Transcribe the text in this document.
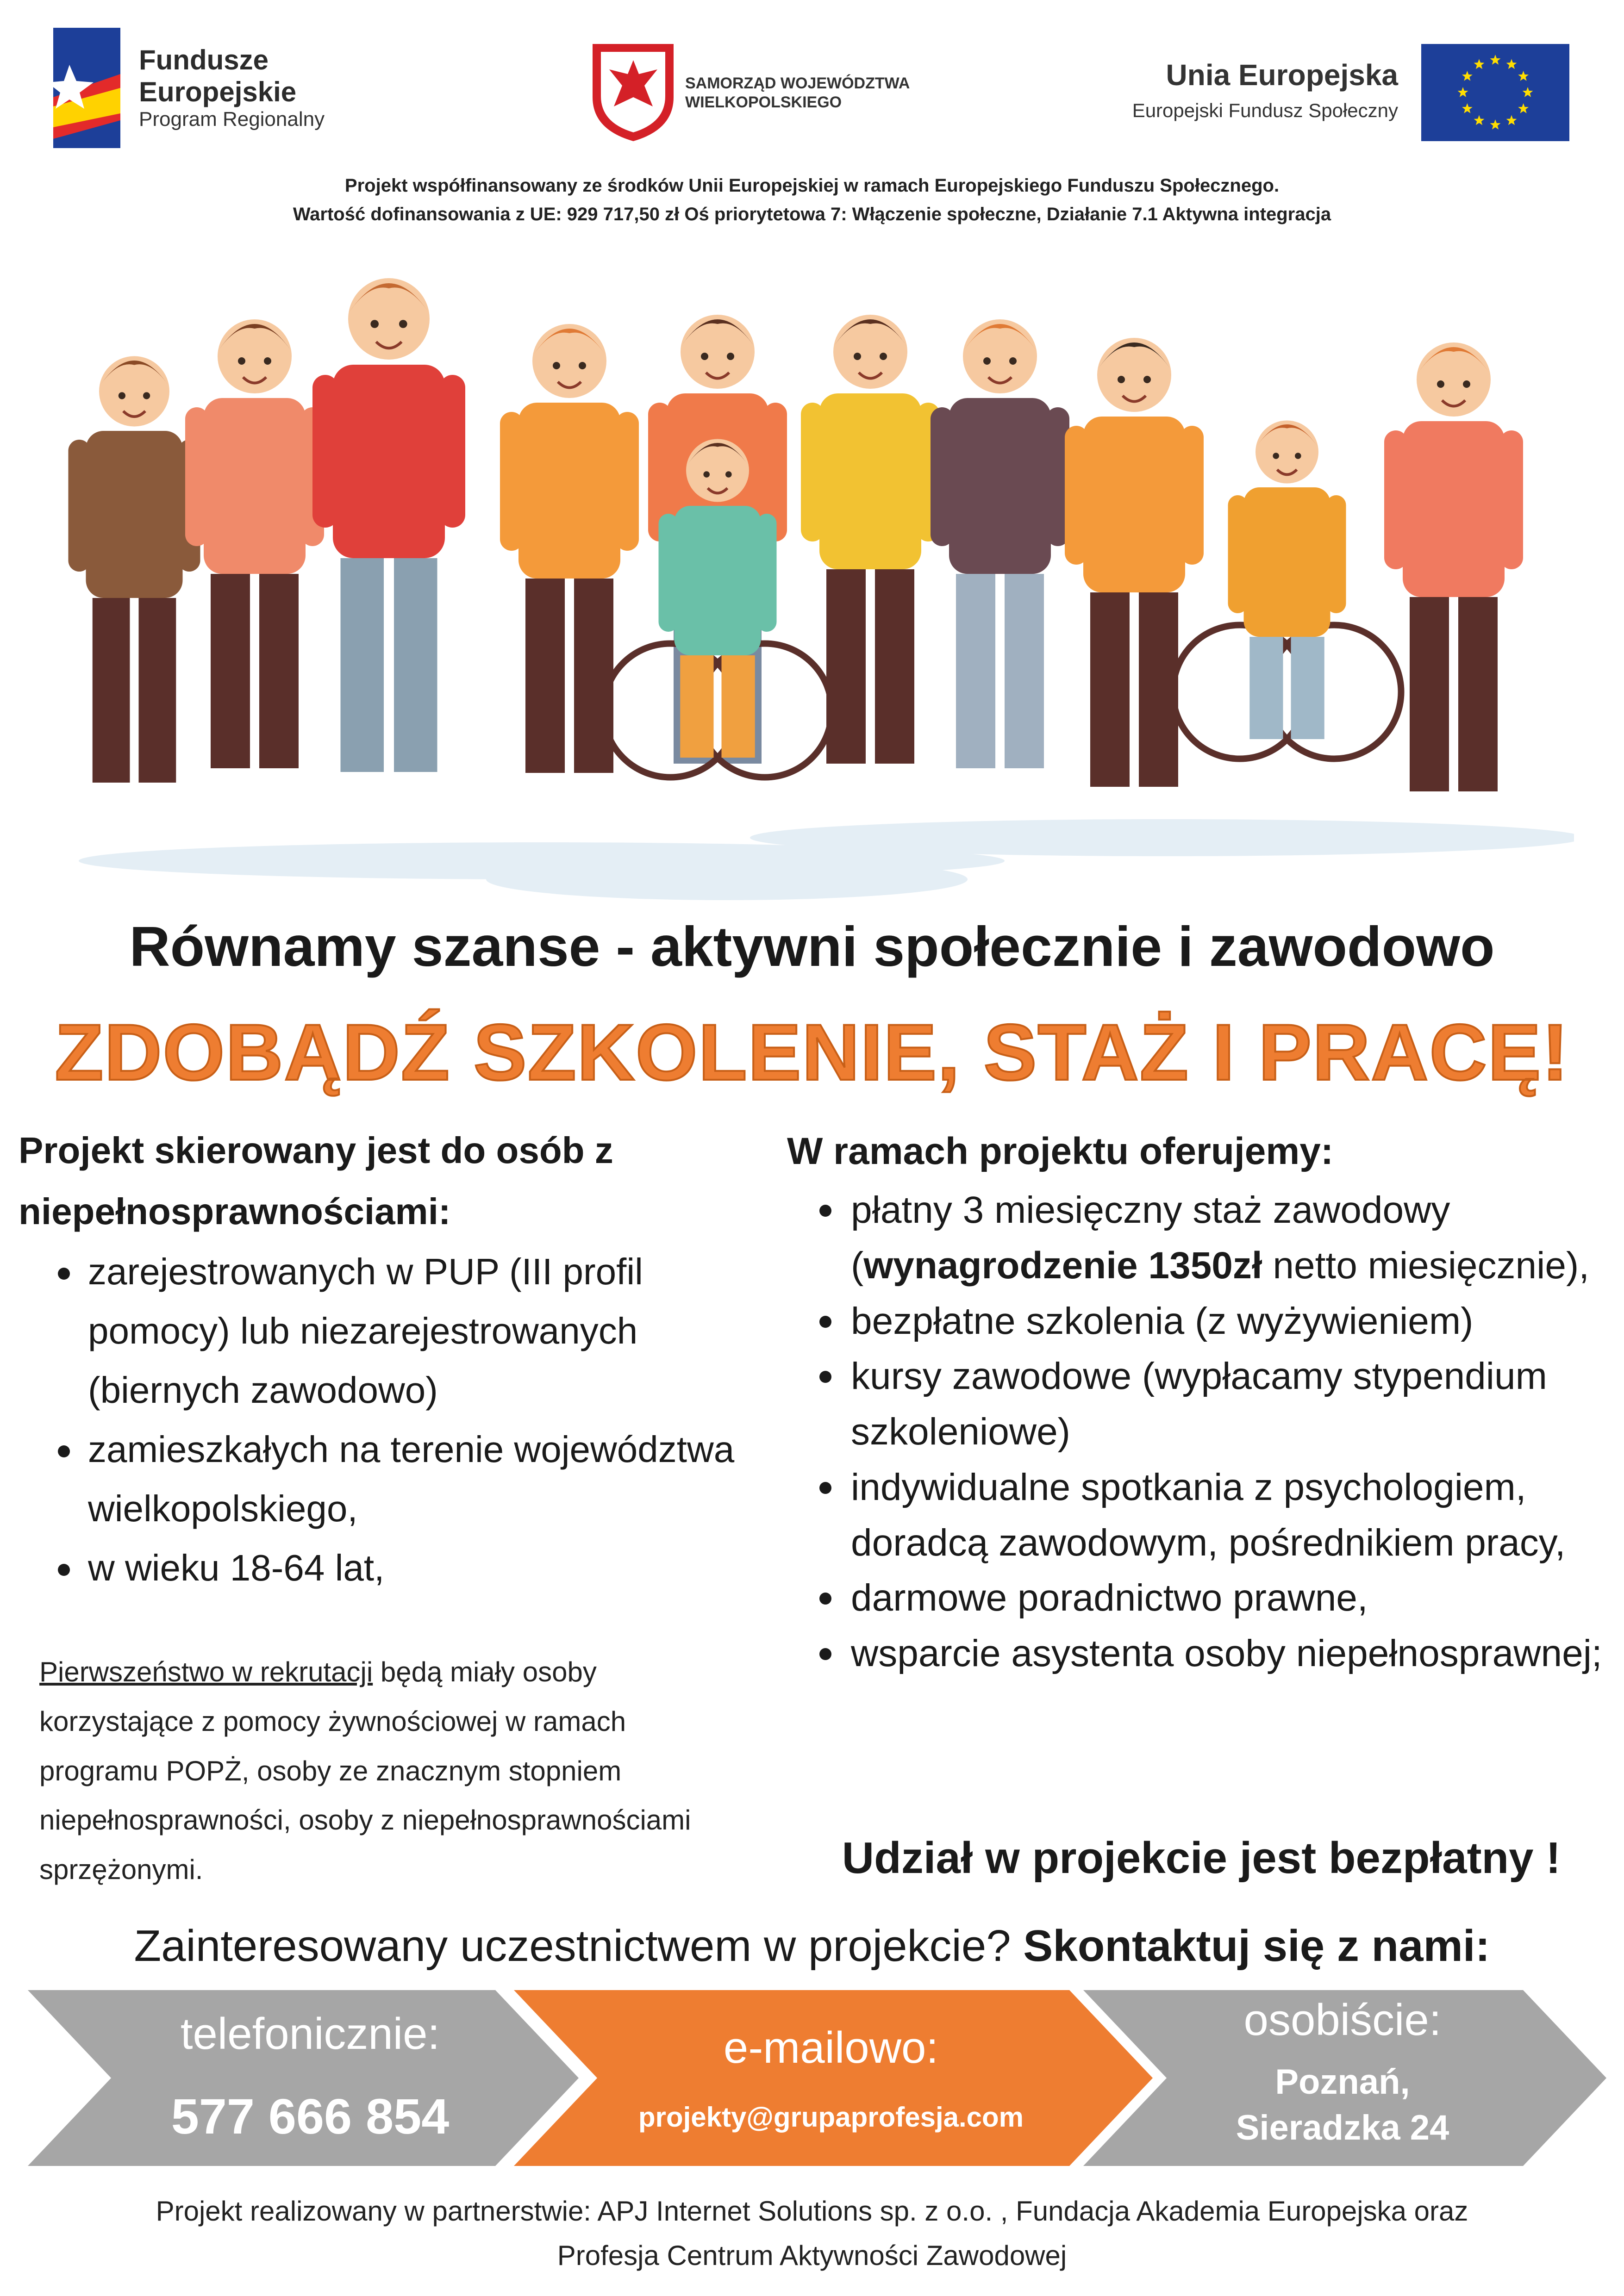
Fundusze
Europejskie
Program Regionalny
SAMORZĄD WOJEWÓDZTWA
WIELKOPOLSKIEGO
Unia Europejska
Europejski Fundusz Społeczny
Projekt współfinansowany ze środków Unii Europejskiej w ramach Europejskiego Funduszu Społecznego.
Wartość dofinansowania z UE: 929 717,50 zł Oś priorytetowa 7: Włączenie społeczne, Działanie 7.1 Aktywna integracja
Równamy szanse - aktywni społecznie i zawodowo
ZDOBĄDŹ SZKOLENIE, STAŻ I PRACĘ!
Projekt skierowany jest do osób z niepełnosprawnościami:
zarejestrowanych w PUP (III profil pomocy) lub niezarejestrowanych (biernych zawodowo)
zamieszkałych na terenie województwa wielkopolskiego,
w wieku 18-64 lat,
Pierwszeństwo w rekrutacji będą miały osoby korzystające z pomocy żywnościowej w ramach programu POPŻ, osoby ze znacznym stopniem niepełnosprawności, osoby z niepełnosprawnościami sprzężonymi.
W ramach projektu oferujemy:
płatny 3 miesięczny staż zawodowy (wynagrodzenie 1350zł netto miesięcznie),
bezpłatne szkolenia (z wyżywieniem)
kursy zawodowe (wypłacamy stypendium szkoleniowe)
indywidualne spotkania z psychologiem, doradcą zawodowym, pośrednikiem pracy,
darmowe poradnictwo prawne,
wsparcie asystenta osoby niepełnosprawnej;
Udział w projekcie jest bezpłatny !
Zainteresowany uczestnictwem w projekcie? Skontaktuj się z nami:
telefonicznie:
577 666 854
e-mailowo:
projekty@grupaprofesja.com
osobiście:
Poznań,
Sieradzka 24
Projekt realizowany w partnerstwie: APJ Internet Solutions sp. z o.o. , Fundacja Akademia Europejska oraz
Profesja Centrum Aktywności Zawodowej
